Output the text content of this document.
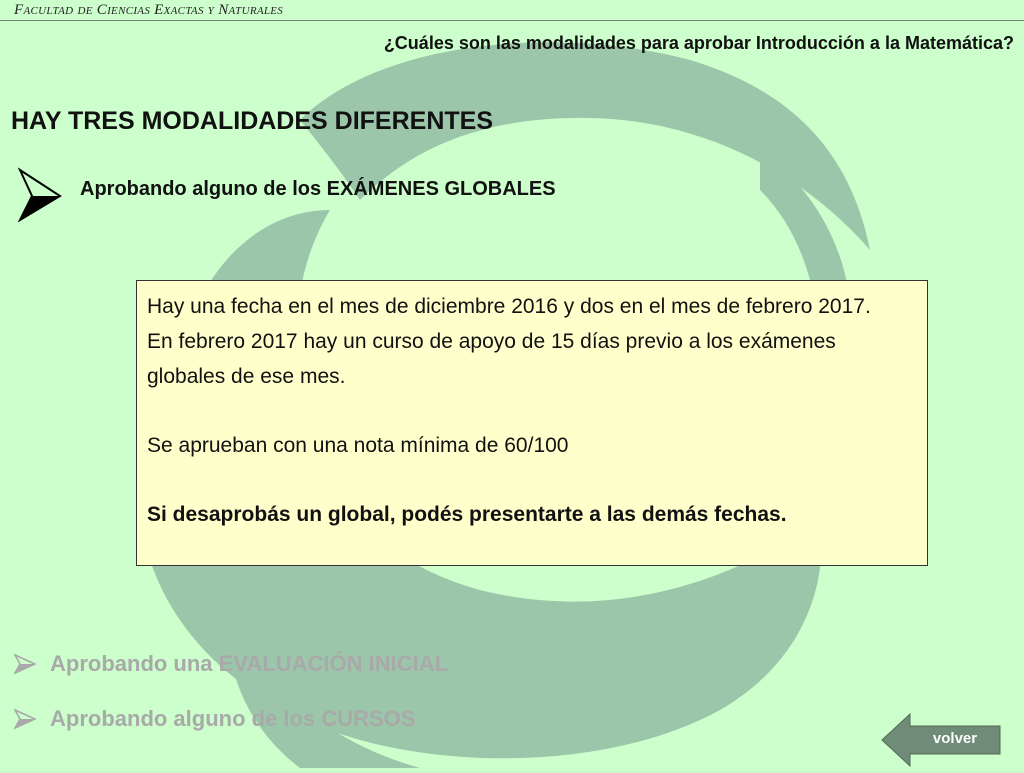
Facultad de Ciencias Exactas y Naturales
¿Cuáles son las modalidades para aprobar Introducción a la Matemática?
HAY TRES MODALIDADES DIFERENTES
Aprobando alguno de los EXÁMENES GLOBALES

Hay una fecha en el mes de diciembre 2016 y dos en el mes de febrero 2017.

En febrero 2017 hay un curso de apoyo de 15 días previo a los exámenes globales de ese mes.

Se aprueban con una nota mínima de 60/100

Si desaprobás un global, podés presentarte a las demás fechas.

Aprobando una EVALUACIÓN INICIAL
Aprobando alguno de los CURSOS
volver
